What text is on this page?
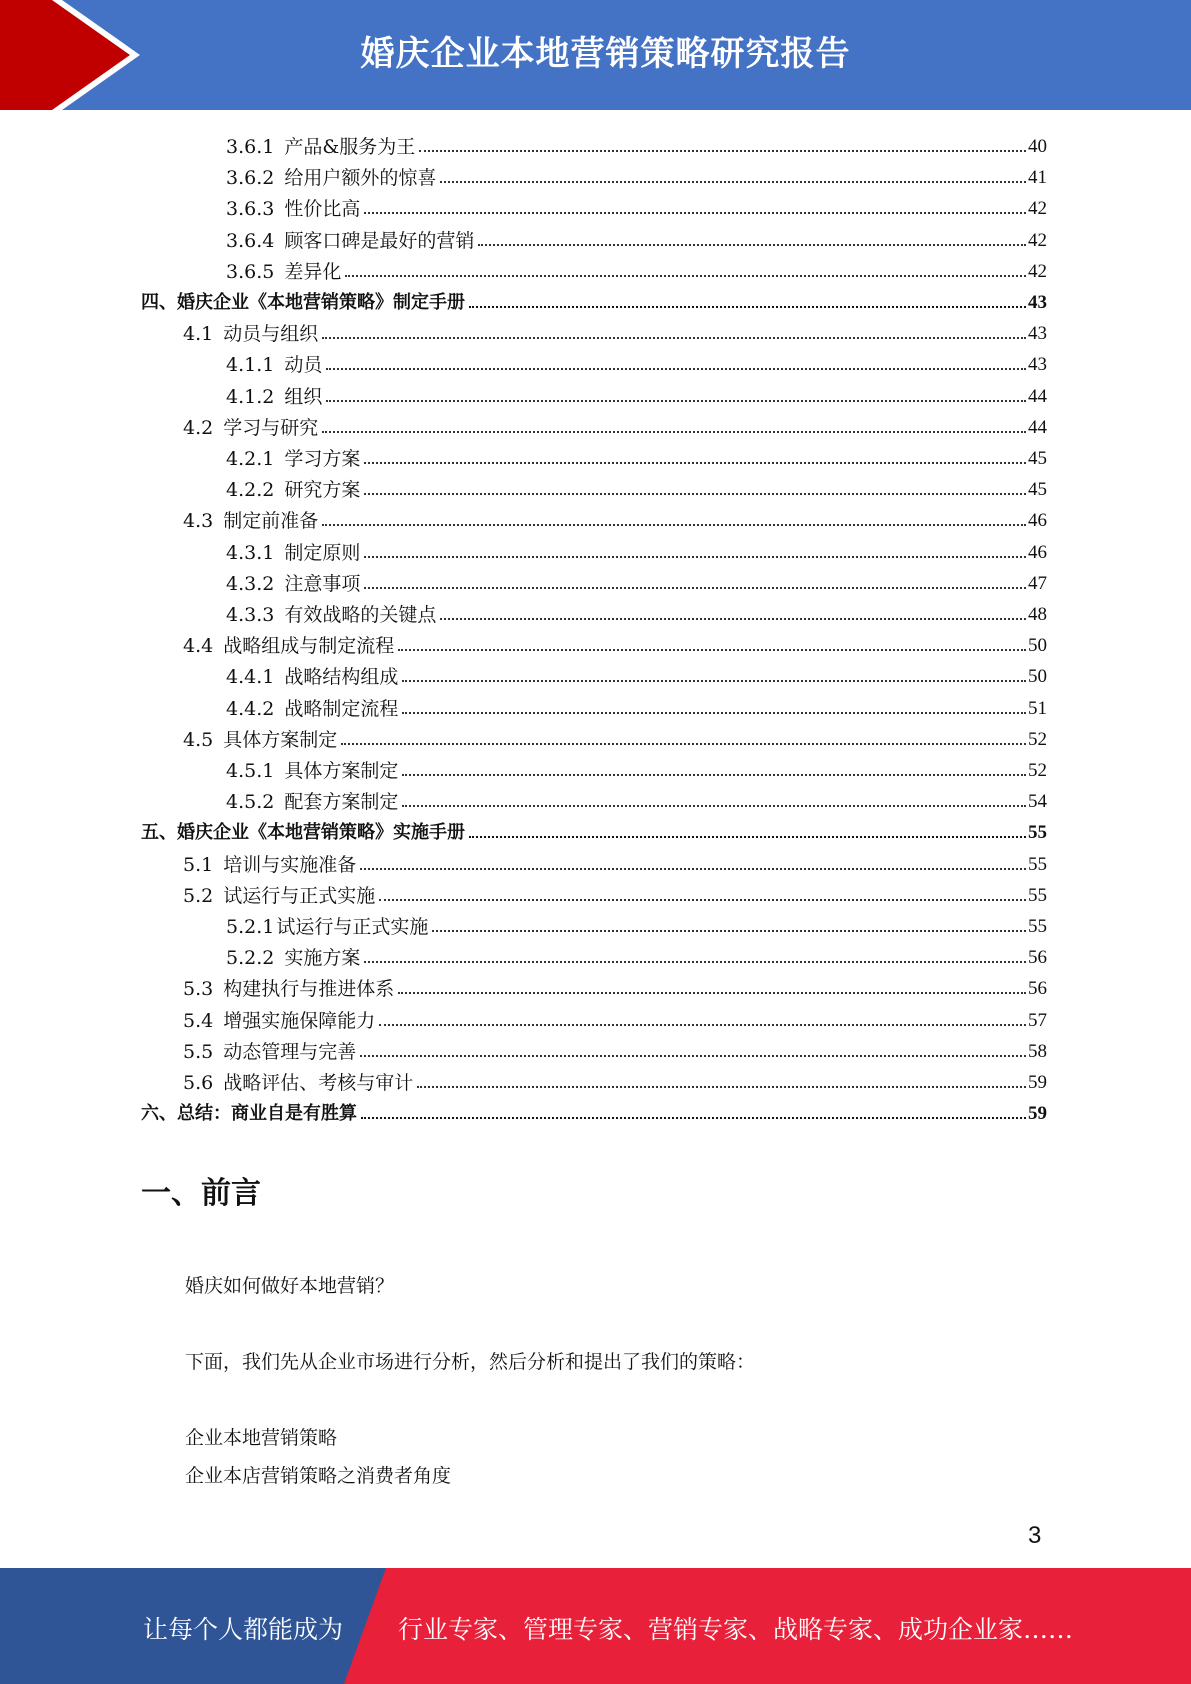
婚庆企业本地营销策略研究报告
3.6.1 产品&服务为王	40
3.6.2 给用户额外的惊喜	41
3.6.3 性价比高	42
3.6.4 顾客口碑是最好的营销	42
3.6.5 差异化	42
四、婚庆企业《本地营销策略》制定手册	43
4.1 动员与组织	43
4.1.1 动员	43
4.1.2 组织	44
4.2 学习与研究	44
4.2.1 学习方案	45
4.2.2 研究方案	45
4.3 制定前准备	46
4.3.1 制定原则	46
4.3.2 注意事项	47
4.3.3 有效战略的关键点	48
4.4 战略组成与制定流程	50
4.4.1 战略结构组成	50
4.4.2 战略制定流程	51
4.5 具体方案制定	52
4.5.1 具体方案制定	52
4.5.2 配套方案制定	54
五、婚庆企业《本地营销策略》实施手册	55
5.1 培训与实施准备	55
5.2 试运行与正式实施	55
5.2.1 试运行与正式实施	55
5.2.2 实施方案	56
5.3 构建执行与推进体系	56
5.4 增强实施保障能力	57
5.5 动态管理与完善	58
5.6 战略评估、考核与审计	59
六、总结：商业自是有胜算	59
一、前言
婚庆如何做好本地营销？
下面，我们先从企业市场进行分析，然后分析和提出了我们的策略：
企业本地营销策略
企业本店营销策略之消费者角度
3
让每个人都能成为 行业专家、管理专家、营销专家、战略专家、成功企业家……
